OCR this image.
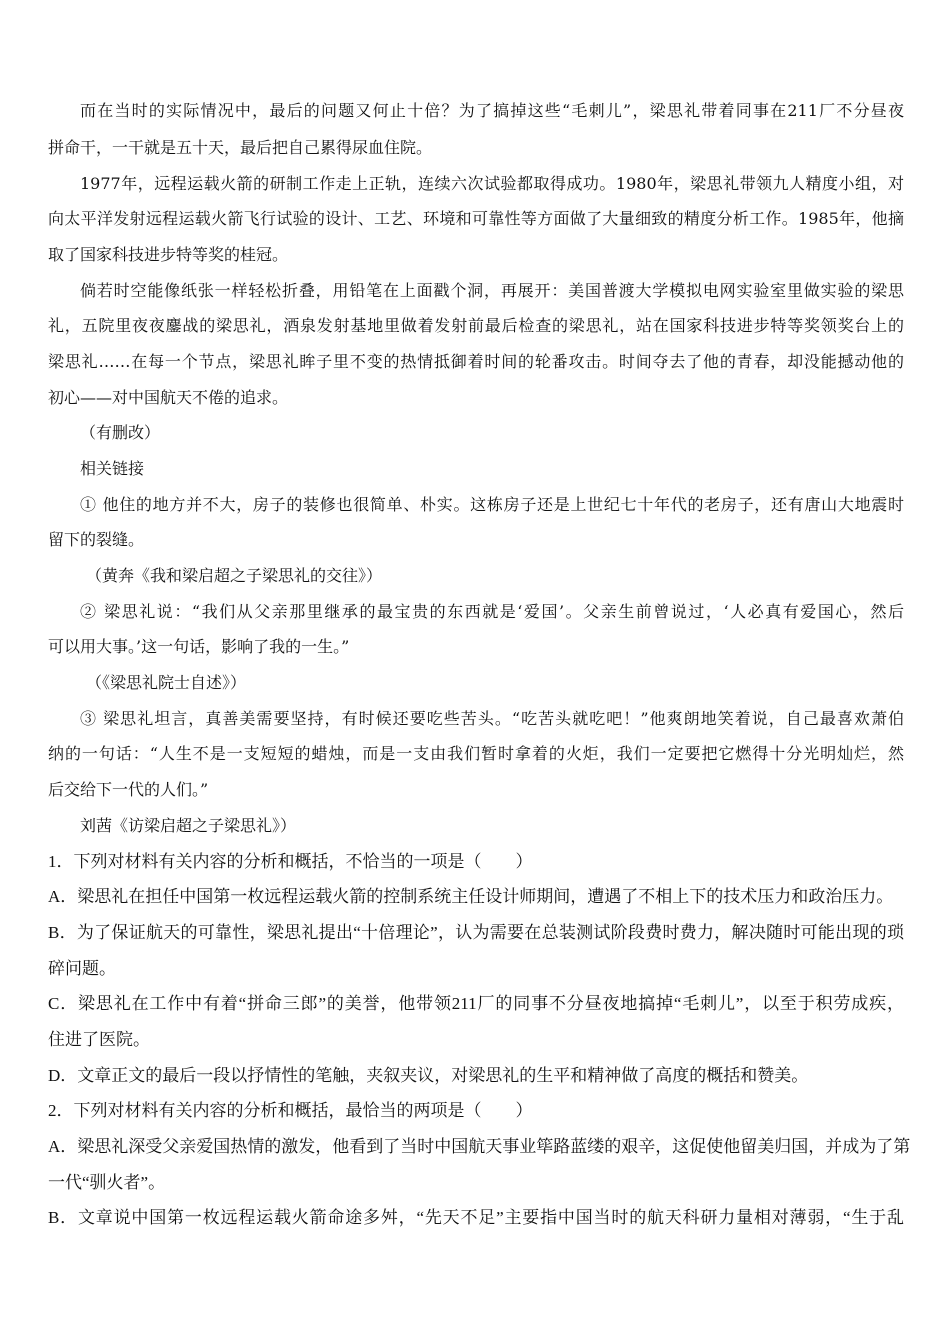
而在当时的实际情况中，最后的问题又何止十倍？为了搞掉这些“毛刺儿”，梁思礼带着同事在211厂不分昼夜
拼命干，一干就是五十天，最后把自己累得尿血住院。
1977年，远程运载火箭的研制工作走上正轨，连续六次试验都取得成功。1980年，梁思礼带领九人精度小组，对
向太平洋发射远程运载火箭飞行试验的设计、工艺、环境和可靠性等方面做了大量细致的精度分析工作。1985年，他摘
取了国家科技进步特等奖的桂冠。
倘若时空能像纸张一样轻松折叠，用铅笔在上面戳个洞，再展开：美国普渡大学模拟电网实验室里做实验的梁思
礼，五院里夜夜鏖战的梁思礼，酒泉发射基地里做着发射前最后检查的梁思礼，站在国家科技进步特等奖领奖台上的
梁思礼……在每一个节点，梁思礼眸子里不变的热情抵御着时间的轮番攻击。时间夺去了他的青春，却没能撼动他的
初心——对中国航天不倦的追求。
（有删改）
相关链接
① 他住的地方并不大，房子的装修也很简单、朴实。这栋房子还是上世纪七十年代的老房子，还有唐山大地震时
留下的裂缝。
（黄奔《我和梁启超之子梁思礼的交往》）
② 梁思礼说：“我们从父亲那里继承的最宝贵的东西就是‘爱国’。父亲生前曾说过，‘人必真有爱国心，然后
可以用大事。’这一句话，影响了我的一生。”
（《梁思礼院士自述》）
③ 梁思礼坦言，真善美需要坚持，有时候还要吃些苦头。“吃苦头就吃吧！”他爽朗地笑着说，自己最喜欢萧伯
纳的一句话：“人生不是一支短短的蜡烛，而是一支由我们暂时拿着的火炬，我们一定要把它燃得十分光明灿烂，然
后交给下一代的人们。”
刘茜《访梁启超之子梁思礼》）
1．下列对材料有关内容的分析和概括，不恰当的一项是（　　）
A．梁思礼在担任中国第一枚远程运载火箭的控制系统主任设计师期间，遭遇了不相上下的技术压力和政治压力。
B．为了保证航天的可靠性，梁思礼提出“十倍理论”，认为需要在总装测试阶段费时费力，解决随时可能出现的琐
碎问题。
C．梁思礼在工作中有着“拼命三郎”的美誉，他带领211厂的同事不分昼夜地搞掉“毛刺儿”，以至于积劳成疾，
住进了医院。
D．文章正文的最后一段以抒情性的笔触，夹叙夹议，对梁思礼的生平和精神做了高度的概括和赞美。
2．下列对材料有关内容的分析和概括，最恰当的两项是（　　）
A．梁思礼深受父亲爱国热情的激发，他看到了当时中国航天事业筚路蓝缕的艰辛，这促使他留美归国，并成为了第
一代“驯火者”。
B．文章说中国第一枚远程运载火箭命途多舛，“先天不足”主要指中国当时的航天科研力量相对薄弱，“生于乱
